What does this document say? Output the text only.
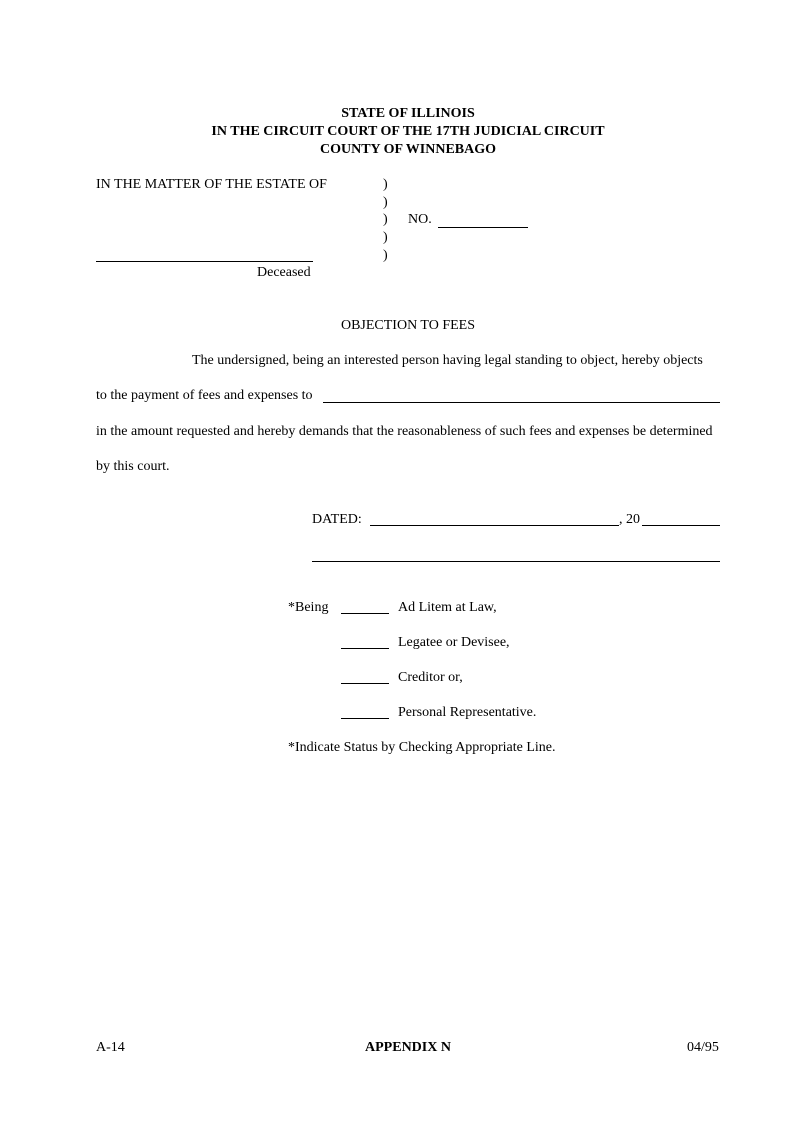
STATE OF ILLINOIS
IN THE CIRCUIT COURT OF THE 17TH JUDICIAL CIRCUIT
COUNTY OF WINNEBAGO
IN THE MATTER OF THE ESTATE OF	)
)
)
)
)
NO.
Deceased
OBJECTION TO FEES
The undersigned, being an interested person having legal standing to object, hereby objects
to the payment of fees and expenses to
in the amount requested and hereby demands that the reasonableness of such fees and expenses be determined
by this court.
DATED:	, 20
*Being	Ad Litem at Law,
Legatee or Devisee,
Creditor or,
Personal Representative.
*Indicate Status by Checking Appropriate Line.
A-14	APPENDIX N	04/95
